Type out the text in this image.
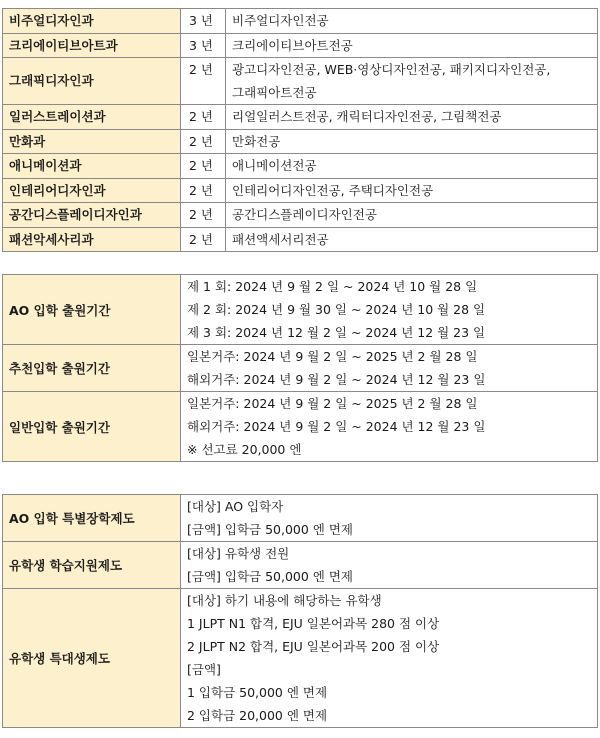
비주얼디자인과	3 년	비주얼디자인전공
크리에이티브아트과	3 년	크리에이티브아트전공
그래픽디자인과	2 년	광고디자인전공, WEB·영상디자인전공, 패키지디자인전공,
그래픽아트전공

일러스트레이션과	2 년	리얼일러스트전공, 캐릭터디자인전공, 그림책전공
만화과	2 년	만화전공
애니메이션과	2 년	애니메이션전공
인테리어디자인과	2 년	인테리어디자인전공, 주택디자인전공
공간디스플레이디자인과	2 년	공간디스플레이디자인전공
패션악세사리과	2 년	패션액세서리전공
AO 입학 출원기간	제 1 회: 2024 년 9 월 2 일 ~ 2024 년 10 월 28 일
제 2 회: 2024 년 9 월 30 일 ~ 2024 년 10 월 28 일
제 3 회: 2024 년 12 월 2 일 ~ 2024 년 12 월 23 일

추천입학 출원기간	일본거주: 2024 년 9 월 2 일 ~ 2025 년 2 월 28 일
해외거주: 2024 년 9 월 2 일 ~ 2024 년 12 월 23 일

일반입학 출원기간	일본거주: 2024 년 9 월 2 일 ~ 2025 년 2 월 28 일
해외거주: 2024 년 9 월 2 일 ~ 2024 년 12 월 23 일
※ 선고료 20,000 엔
AO 입학 특별장학제도	[대상] AO 입학자
[금액] 입학금 50,000 엔 면제

유학생 학습지원제도	[대상] 유학생 전원
[금액] 입학금 50,000 엔 면제

유학생 특대생제도	
[대상] 하기 내용에 해당하는 유학생
1 JLPT N1 합격, EJU 일본어과목 280 점 이상
2 JLPT N2 합격, EJU 일본어과목 200 점 이상
[금액]
1 입학금 50,000 엔 면제
2 입학금 20,000 엔 면제
